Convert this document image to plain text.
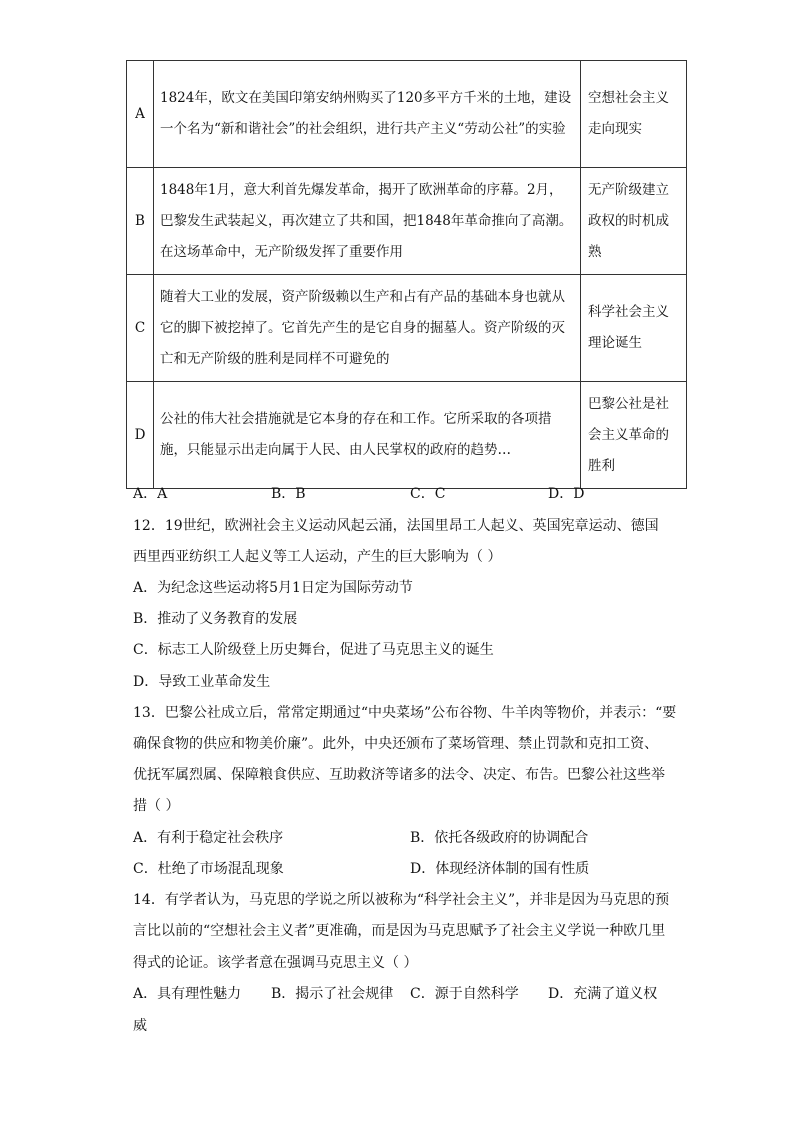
A	1824年，欧文在美国印第安纳州购买了120多平方千米的土地，建设一个名为“新和谐社会”的社会组织，进行共产主义“劳动公社”的实验	空想社会主义走向现实
B	1848年1月，意大利首先爆发革命，揭开了欧洲革命的序幕。2月，巴黎发生武装起义，再次建立了共和国，把1848年革命推向了高潮。在这场革命中，无产阶级发挥了重要作用	无产阶级建立政权的时机成熟
C	随着大工业的发展，资产阶级赖以生产和占有产品的基础本身也就从它的脚下被挖掉了。它首先产生的是它自身的掘墓人。资产阶级的灭亡和无产阶级的胜利是同样不可避免的	科学社会主义理论诞生
D	公社的伟大社会措施就是它本身的存在和工作。它所采取的各项措施，只能显示出走向属于人民、由人民掌权的政府的趋势…	巴黎公社是社会主义革命的胜利
A．A	B．B	C．C	D．D
12．19世纪，欧洲社会主义运动风起云涌，法国里昂工人起义、英国宪章运动、德国
西里西亚纺织工人起义等工人运动，产生的巨大影响为（ ）
A．为纪念这些运动将5月1日定为国际劳动节
B．推动了义务教育的发展
C．标志工人阶级登上历史舞台，促进了马克思主义的诞生
D．导致工业革命发生
13．巴黎公社成立后，常常定期通过“中央菜场”公布谷物、牛羊肉等物价，并表示：“要
确保食物的供应和物美价廉”。此外，中央还颁布了菜场管理、禁止罚款和克扣工资、
优抚军属烈属、保障粮食供应、互助救济等诸多的法令、决定、布告。巴黎公社这些举
措（ ）
A．有利于稳定社会秩序	B．依托各级政府的协调配合
C．杜绝了市场混乱现象	D．体现经济体制的国有性质
14．有学者认为，马克思的学说之所以被称为“科学社会主义”，并非是因为马克思的预
言比以前的“空想社会主义者”更准确，而是因为马克思赋予了社会主义学说一种欧几里
得式的论证。该学者意在强调马克思主义（ ）
A．具有理性魅力 B．揭示了社会规律 C．源于自然科学 D．充满了道义权
威
